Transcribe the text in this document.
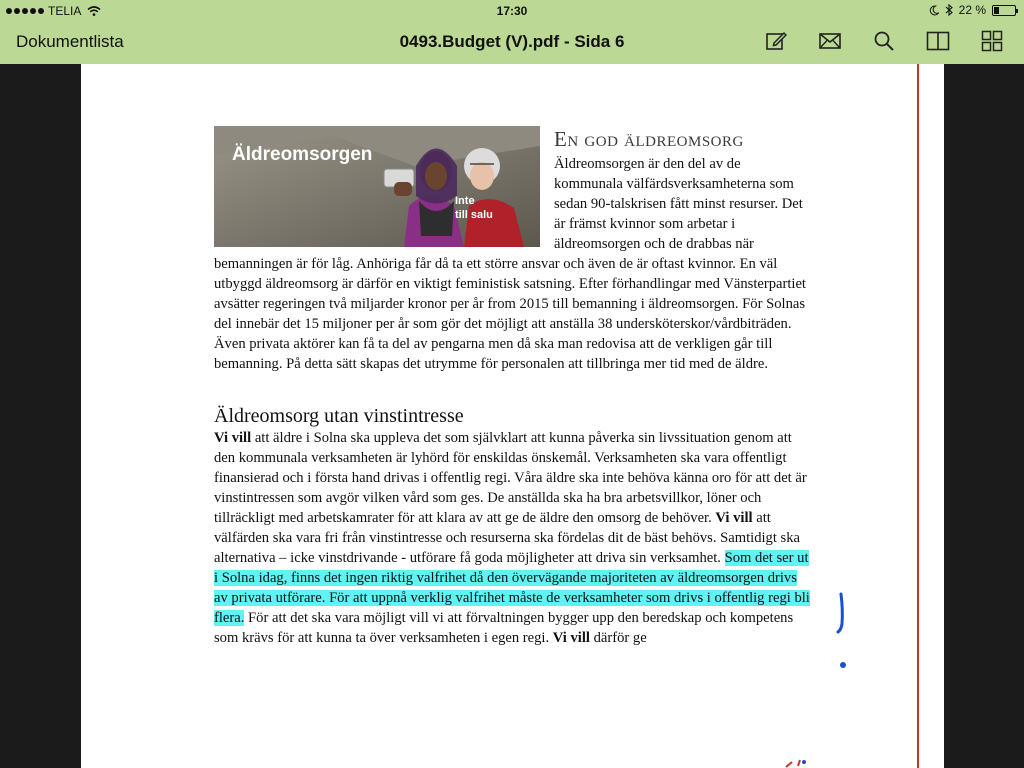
TELIA	17:30	22 %
Dokumentlista	0493.Budget (V).pdf - Sida 6
Äldreomsorgen
Inte
till salu
En god äldreomsorg
Äldreomsorgen är den del av de kommunala välfärdsverksamheterna som sedan 90-talskrisen fått minst resurser. Det är främst kvinnor som arbetar i äldreomsorgen och de drabbas när bemanningen är för låg. Anhöriga får då ta ett större ansvar och även de är oftast kvinnor. En väl utbyggd äldreomsorg är därför en viktigt feministisk satsning. Efter förhandlingar med Vänsterpartiet avsätter regeringen två miljarder kronor per år from 2015 till bemanning i äldreomsorgen. För Solnas del innebär det 15 miljoner per år som gör det möjligt att anställa 38 undersköterskor/vårdbiträden. Även privata aktörer kan få ta del av pengarna men då ska man redovisa att de verkligen går till bemanning. På detta sätt skapas det utrymme för personalen att tillbringa mer tid med de äldre.
Äldreomsorg utan vinstintresse
Vi vill att äldre i Solna ska uppleva det som självklart att kunna påverka sin livssituation genom att den kommunala verksamheten är lyhörd för enskildas önskemål. Verksamheten ska vara offentligt finansierad och i första hand drivas i offentlig regi. Våra äldre ska inte behöva känna oro för att det är vinstintressen som avgör vilken vård som ges. De anställda ska ha bra arbetsvillkor, löner och tillräckligt med arbetskamrater för att klara av att ge de äldre den omsorg de behöver. Vi vill att välfärden ska vara fri från vinstintresse och resurserna ska fördelas dit de bäst behövs. Samtidigt ska alternativa – icke vinstdrivande - utförare få goda möjligheter att driva sin verksamhet. Som det ser ut i Solna idag, finns det ingen riktig valfrihet då den övervägande majoriteten av äldreomsorgen drivs av privata utförare. För att uppnå verklig valfrihet måste de verksamheter som drivs i offentlig regi bli flera. För att det ska vara möjligt vill vi att förvaltningen bygger upp den beredskap och kompetens som krävs för att kunna ta över verksamheten i egen regi. Vi vill därför ge
